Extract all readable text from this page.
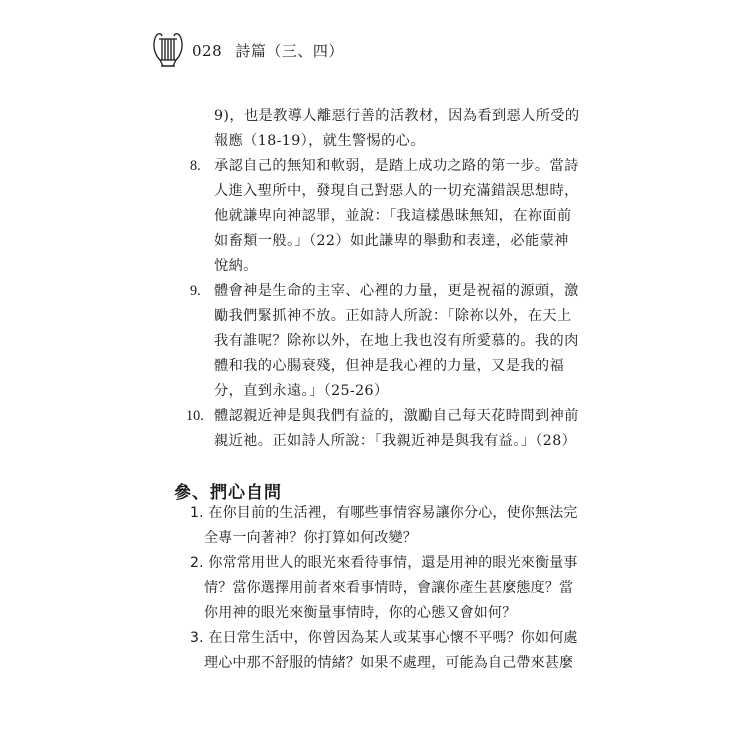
028 詩篇（三、四）
9)，也是教導人離惡行善的活教材，因為看到惡人所受的
報應（18-19），就生警惕的心。
8. 承認自己的無知和軟弱，是踏上成功之路的第一步。當詩
人進入聖所中，發現自己對惡人的一切充滿錯誤思想時，
他就謙卑向神認罪，並說：「我這樣愚昧無知，在祢面前
如畜類一般。」（22）如此謙卑的舉動和表達，必能蒙神
悅納。
9. 體會神是生命的主宰、心裡的力量，更是祝福的源頭，激
勵我們緊抓神不放。正如詩人所說：「除祢以外，在天上
我有誰呢？除祢以外，在地上我也沒有所愛慕的。我的肉
體和我的心腸衰殘，但神是我心裡的力量，又是我的福
分，直到永遠。」（25-26）
10. 體認親近神是與我們有益的，激勵自己每天花時間到神前
親近祂。正如詩人所說：「我親近神是與我有益。」（28）
參、捫心自問
1. 在你目前的生活裡，有哪些事情容易讓你分心，使你無法完
全專一向著神？你打算如何改變？
2. 你常常用世人的眼光來看待事情，還是用神的眼光來衡量事
情？當你選擇用前者來看事情時，會讓你產生甚麼態度？當
你用神的眼光來衡量事情時，你的心態又會如何？
3. 在日常生活中，你曾因為某人或某事心懷不平嗎？你如何處
理心中那不舒服的情緒？如果不處理，可能為自己帶來甚麼
